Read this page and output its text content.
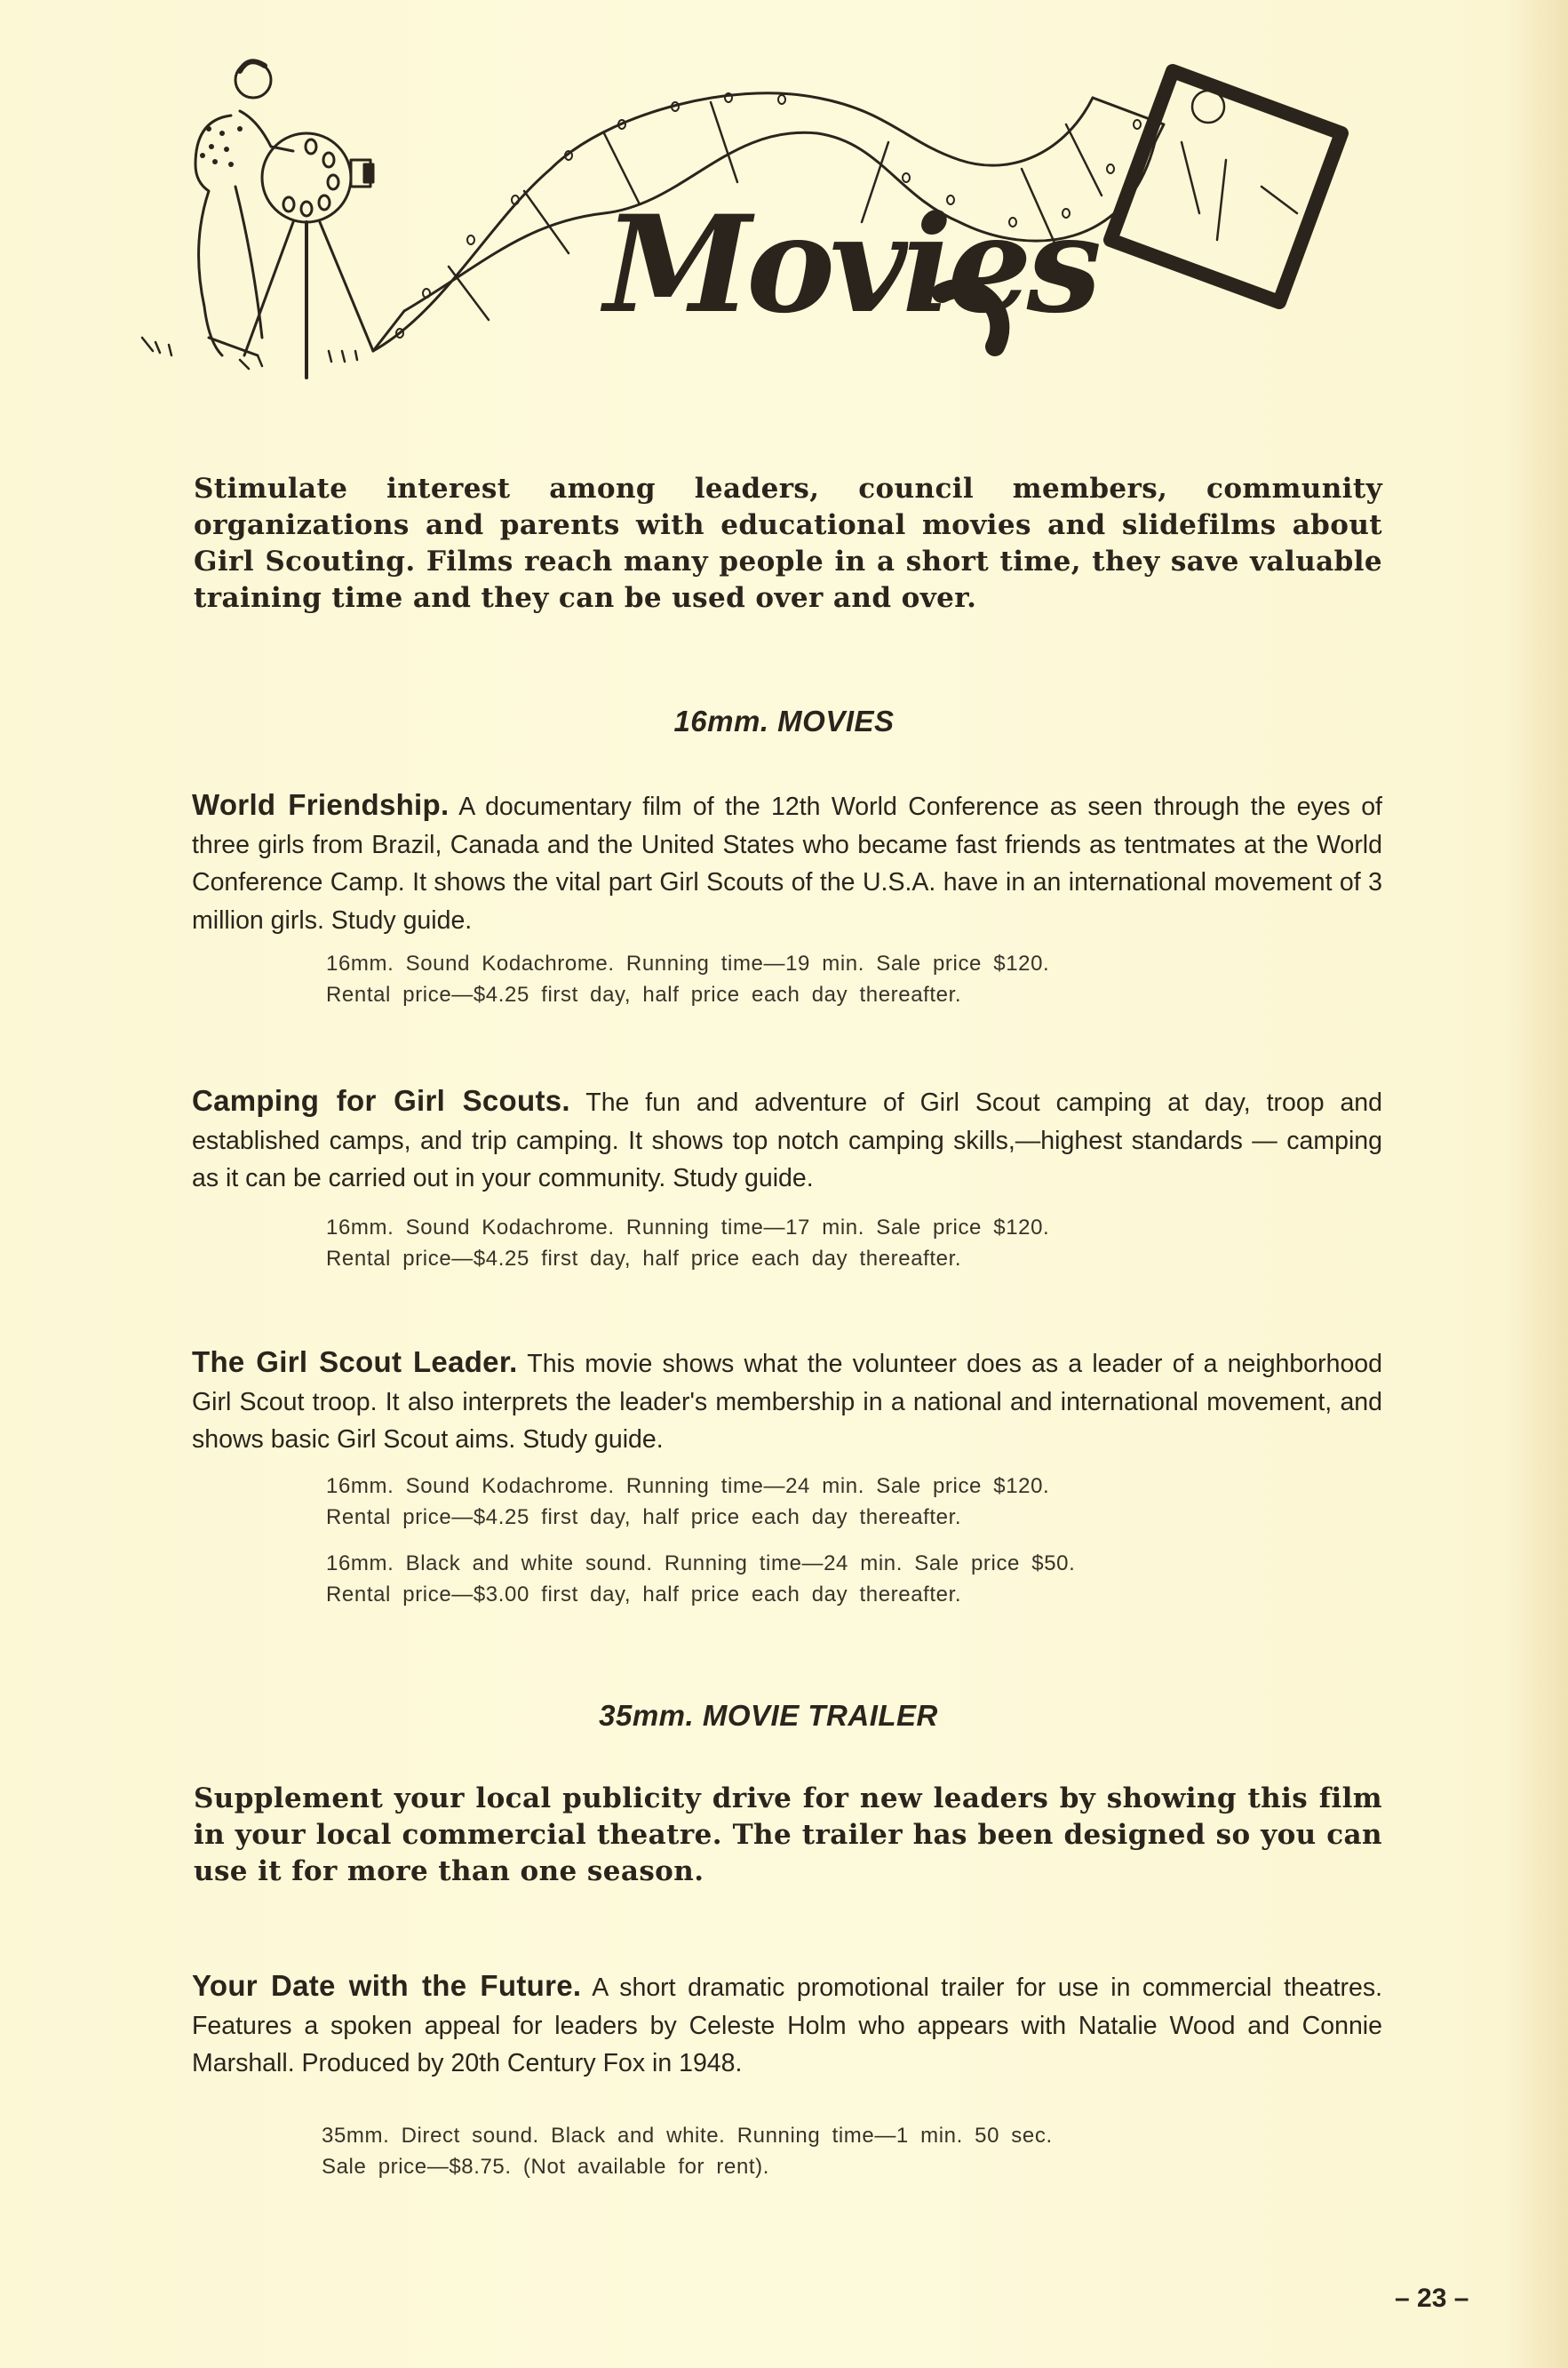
Movies

Stimulate interest among leaders, council members, community organizations and parents with educational movies and slidefilms about Girl Scouting. Films reach many people in a short time, they save valuable training time and they can be used over and over.

16mm. MOVIES
World Friendship. A documentary film of the 12th World Conference as seen through the eyes of three girls from Brazil, Canada and the United States who became fast friends as tentmates at the World Conference Camp. It shows the vital part Girl Scouts of the U.S.A. have in an international movement of 3 million girls. Study guide.
16mm. Sound Kodachrome. Running time—19 min. Sale price $120.
Rental price—$4.25 first day, half price each day thereafter.
Camping for Girl Scouts. The fun and adventure of Girl Scout camping at day, troop and established camps, and trip camping. It shows top notch camping skills,—highest standards — camping as it can be carried out in your community. Study guide.
16mm. Sound Kodachrome. Running time—17 min. Sale price $120.
Rental price—$4.25 first day, half price each day thereafter.
The Girl Scout Leader. This movie shows what the volunteer does as a leader of a neighborhood Girl Scout troop. It also interprets the leader's membership in a national and international movement, and shows basic Girl Scout aims. Study guide.
16mm. Sound Kodachrome. Running time—24 min. Sale price $120.
Rental price—$4.25 first day, half price each day thereafter.
16mm. Black and white sound. Running time—24 min. Sale price $50.
Rental price—$3.00 first day, half price each day thereafter.
35mm. MOVIE TRAILER

Supplement your local publicity drive for new leaders by showing this film in your local commercial theatre. The trailer has been designed so you can use it for more than one season.

Your Date with the Future. A short dramatic promotional trailer for use in commercial theatres. Features a spoken appeal for leaders by Celeste Holm who appears with Natalie Wood and Connie Marshall. Produced by 20th Century Fox in 1948.
35mm. Direct sound. Black and white. Running time—1 min. 50 sec.
Sale price—$8.75. (Not available for rent).
– 23 –
